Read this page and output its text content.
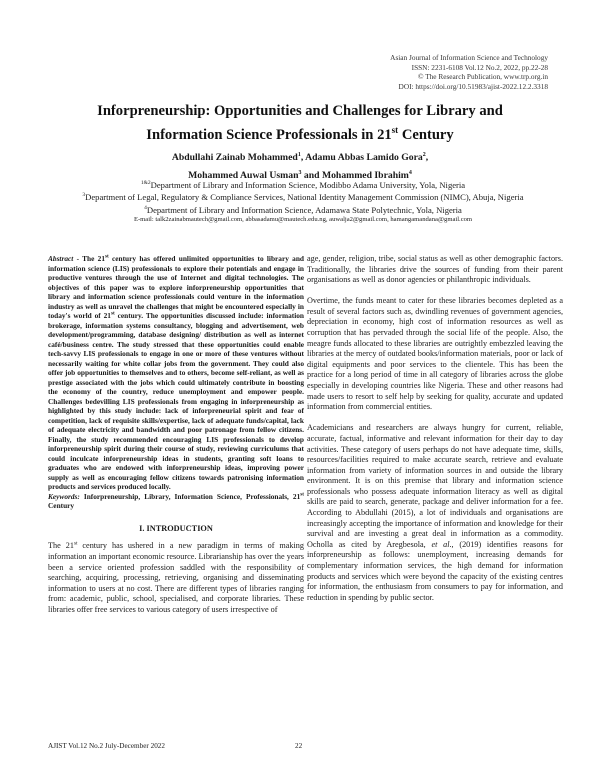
Asian Journal of Information Science and Technology
ISSN: 2231-6108 Vol.12 No.2, 2022, pp.22-28
© The Research Publication, www.trp.org.in
DOI: https://doi.org/10.51983/ajist-2022.12.2.3318
Inforpreneurship: Opportunities and Challenges for Library and
Information Science Professionals in 21st Century
Abdullahi Zainab Mohammed$^1$, Adamu Abbas Lamido Gora$^2$,
Mohammed Auwal Usman$^3$ and Mohammed Ibrahim$^4$
$^{1\&2}$Department of Library and Information Science, Modibbo Adama University, Yola, Nigeria
$^3$Department of Legal, Regulatory & Compliance Services, National Identity Management Commission (NIMC), Abuja, Nigeria
$^4$Department of Library and Information Science, Adamawa State Polytechnic, Yola, Nigeria
E-mail: talk2zainabmautech@gmail.com, abbasadamu@mautech.edu.ng, auwalja2@gmail.com, hamangamandana@gmail.com

Abstract - The 21st century has offered unlimited opportunities to library and information science (LIS) professionals to explore their potentials and engage in productive ventures through the use of Internet and digital technologies. The objectives of this paper was to explore inforpreneurship opportunities that library and information science professionals could venture in the information industry as well as unravel the challenges that might be encountered especially in today's world of 21st century. The opportunities discussed include: information brokerage, information systems consultancy, blogging and advertisement, web development/programming, database designing/ distribution as well as internet café/business centre. The study stressed that these opportunities could enable tech-savvy LIS professionals to engage in one or more of these ventures without necessarily waiting for white collar jobs from the government. They could also offer job opportunities to themselves and to others, become self-reliant, as well as prestige associated with the jobs which could ultimately contribute in boosting the economy of the country, reduce unemployment and empower people. Challenges bedevilling LIS professionals from engaging in inforpreneurship as highlighted by this study include: lack of inforpreneurial spirit and fear of competition, lack of requisite skills/expertise, lack of adequate funds/capital, lack of adequate electricity and bandwidth and poor patronage from fellow citizens. Finally, the study recommended encouraging LIS professionals to develop inforpreneurship spirit during their course of study, reviewing curriculums that could inculcate inforpreneurship ideas in students, granting soft loans to graduates who are endowed with inforpreneurship ideas, improving power supply as well as encouraging fellow citizens towards patronising information products and services produced locally.

Keywords: Inforpreneurship, Library, Information Science, Professionals, 21st Century

I. INTRODUCTION

The 21st century has ushered in a new paradigm in terms of making information an important economic resource. Librarianship has over the years been a service oriented profession saddled with the responsibility of searching, acquiring, processing, retrieving, organising and disseminating information to users at no cost. There are different types of libraries ranging from: academic, public, school, specialised, and corporate libraries. These libraries offer free services to various category of users irrespective of

age, gender, religion, tribe, social status as well as other demographic factors. Traditionally, the libraries drive the sources of funding from their parent organisations as well as donor agencies or philanthropic individuals.

Overtime, the funds meant to cater for these libraries becomes depleted as a result of several factors such as, dwindling revenues of government agencies, depreciation in economy, high cost of information resources as well as corruption that has pervaded through the social life of the people. Also, the meagre funds allocated to these libraries are outrightly embezzled leaving the libraries at the mercy of outdated books/information materials, poor or lack of digital equipments and poor services to the clientele. This has been the practice for a long period of time in all category of libraries across the globe especially in developing countries like Nigeria. These and other reasons had made users to resort to self help by seeking for quality, accurate and updated information from commercial entities.

Academicians and researchers are always hungry for current, reliable, accurate, factual, informative and relevant information for their day to day activities. These category of users perhaps do not have adequate time, skills, resources/facilities required to make accurate search, retrieve and evaluate information from variety of information sources in and outside the library environment. It is on this premise that library and information science professionals who possess adequate information literacy as well as digital skills are paid to search, generate, package and deliver information for a fee. According to Abdullahi (2015), a lot of individuals and organisations are increasingly accepting the importance of information and knowledge for their survival and are investing a great deal in information as a commodity. Ocholla as cited by Aregbesola, et al., (2019) identifies reasons for inforpreneurship as follows: unemployment, increasing demands for complementary information services, the high demand for information products and services which were beyond the capacity of the existing centres for information, the enthusiasm from consumers to pay for information, and reduction in spending by public sector.

AJIST Vol.12 No.2 July-December 2022	22
